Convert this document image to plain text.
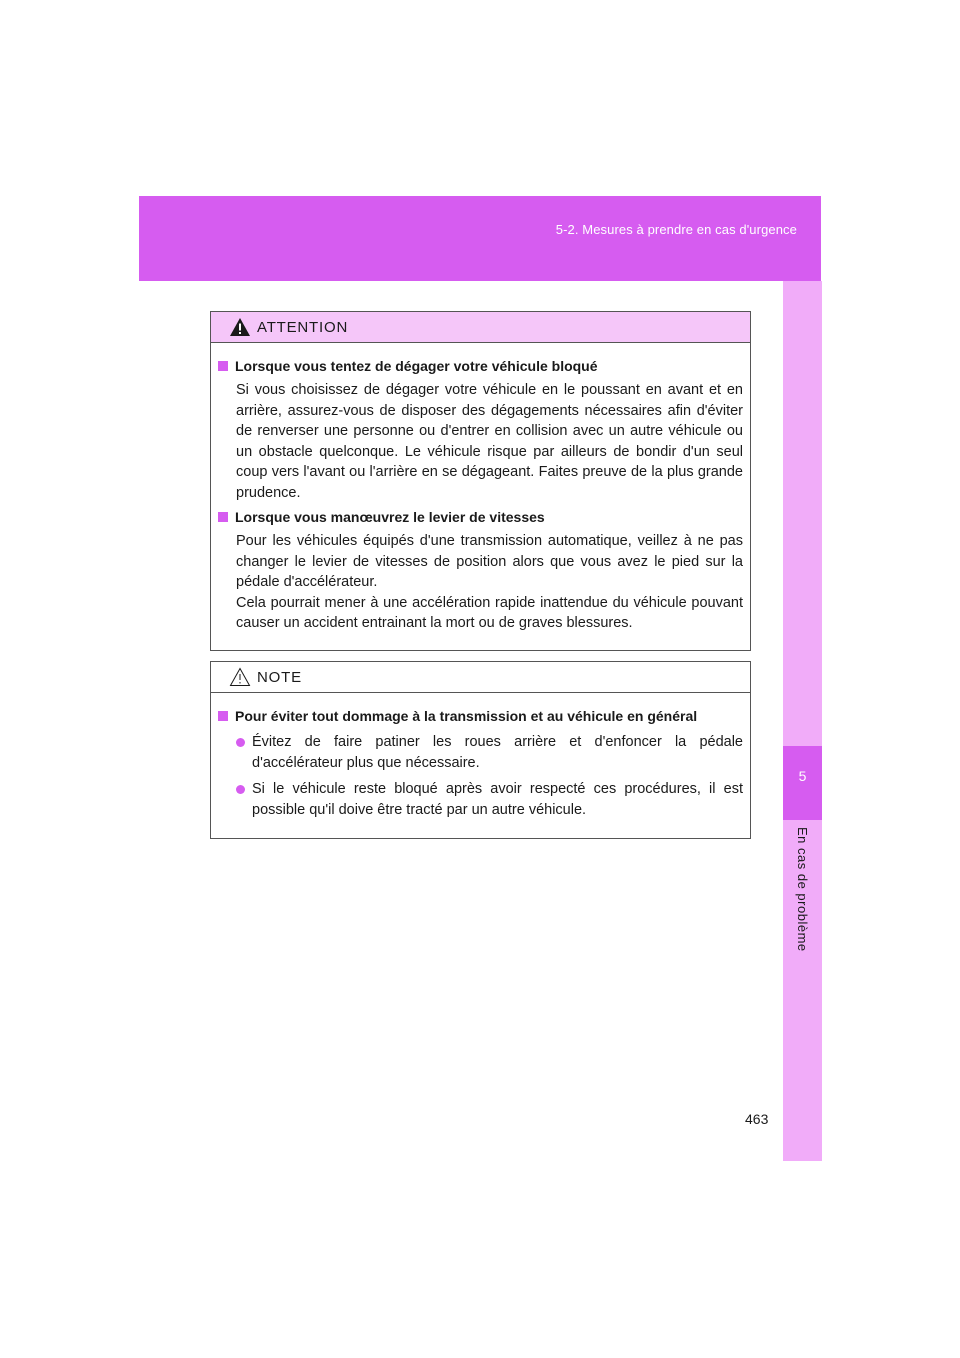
5-2. Mesures à prendre en cas d'urgence
5
En cas de problème
ATTENTION
Lorsque vous tentez de dégager votre véhicule bloqué
Si vous choisissez de dégager votre véhicule en le poussant en avant et en arrière, assurez-vous de disposer des dégagements nécessaires afin d'éviter de renverser une personne ou d'entrer en collision avec un autre véhicule ou un obstacle quelconque. Le véhicule risque par ailleurs de bondir d'un seul coup vers l'avant ou l'arrière en se dégageant. Faites preuve de la plus grande prudence.
Lorsque vous manœuvrez le levier de vitesses
Pour les véhicules équipés d'une transmission automatique, veillez à ne pas changer le levier de vitesses de position alors que vous avez le pied sur la pédale d'accélérateur.
Cela pourrait mener à une accélération rapide inattendue du véhicule pouvant causer un accident entrainant la mort ou de graves blessures.
NOTE
Pour éviter tout dommage à la transmission et au véhicule en général
Évitez de faire patiner les roues arrière et d'enfoncer la pédale d'accélérateur plus que nécessaire.
Si le véhicule reste bloqué après avoir respecté ces procédures, il est possible qu'il doive être tracté par un autre véhicule.
463
